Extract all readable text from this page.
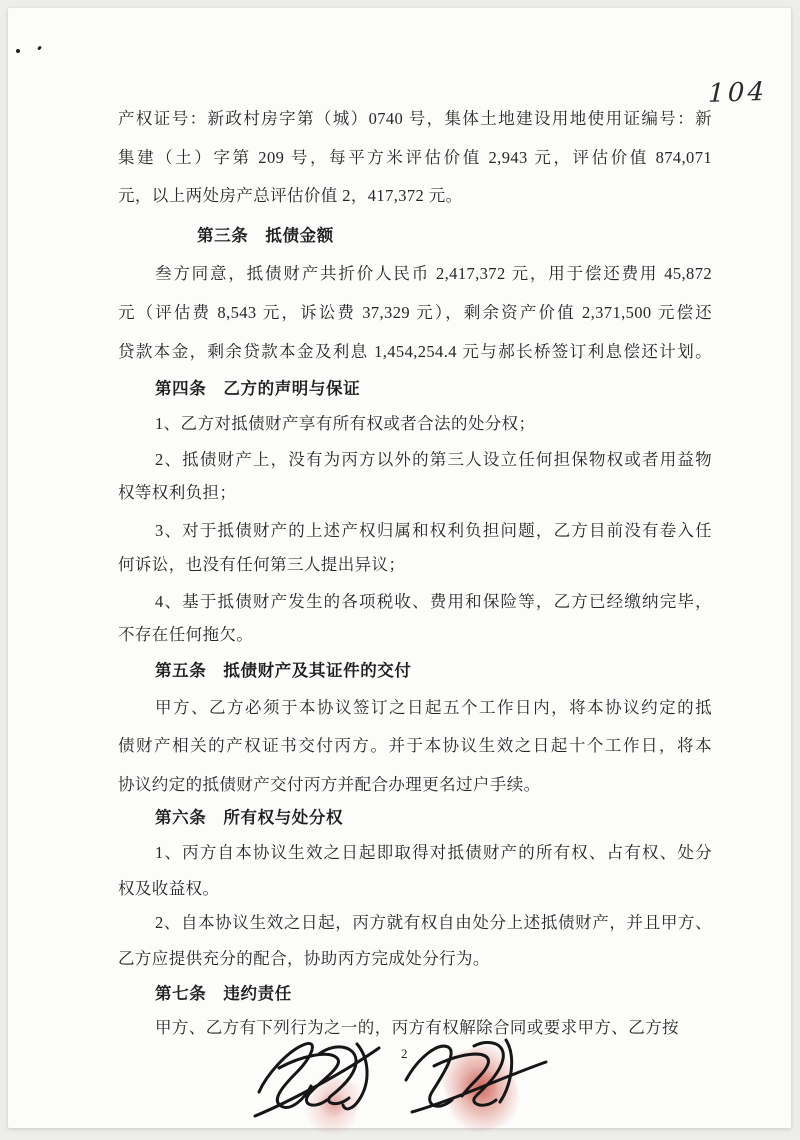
104
产权证号：新政村房字第（城）0740 号，集体土地建设用地使用证编号：新
集建（土）字第 209 号，每平方米评估价值 2,943 元，评估价值 874,071
元，以上两处房产总评估价值 2，417,372 元。
第三条　抵债金额
叁方同意，抵债财产共折价人民币 2,417,372 元，用于偿还费用 45,872
元（评估费 8,543 元，诉讼费 37,329 元），剩余资产价值 2,371,500 元偿还
贷款本金，剩余贷款本金及利息 1,454,254.4 元与郝长桥签订利息偿还计划。
第四条　乙方的声明与保证
1、乙方对抵债财产享有所有权或者合法的处分权；
2、抵债财产上，没有为丙方以外的第三人设立任何担保物权或者用益物
权等权利负担；
3、对于抵债财产的上述产权归属和权利负担问题，乙方目前没有卷入任
何诉讼，也没有任何第三人提出异议；
4、基于抵债财产发生的各项税收、费用和保险等，乙方已经缴纳完毕，
不存在任何拖欠。
第五条　抵债财产及其证件的交付
甲方、乙方必须于本协议签订之日起五个工作日内，将本协议约定的抵
债财产相关的产权证书交付丙方。并于本协议生效之日起十个工作日，将本
协议约定的抵债财产交付丙方并配合办理更名过户手续。
第六条　所有权与处分权
1、丙方自本协议生效之日起即取得对抵债财产的所有权、占有权、处分
权及收益权。
2、自本协议生效之日起，丙方就有权自由处分上述抵债财产，并且甲方、
乙方应提供充分的配合，协助丙方完成处分行为。
第七条　违约责任
甲方、乙方有下列行为之一的，丙方有权解除合同或要求甲方、乙方按
2
